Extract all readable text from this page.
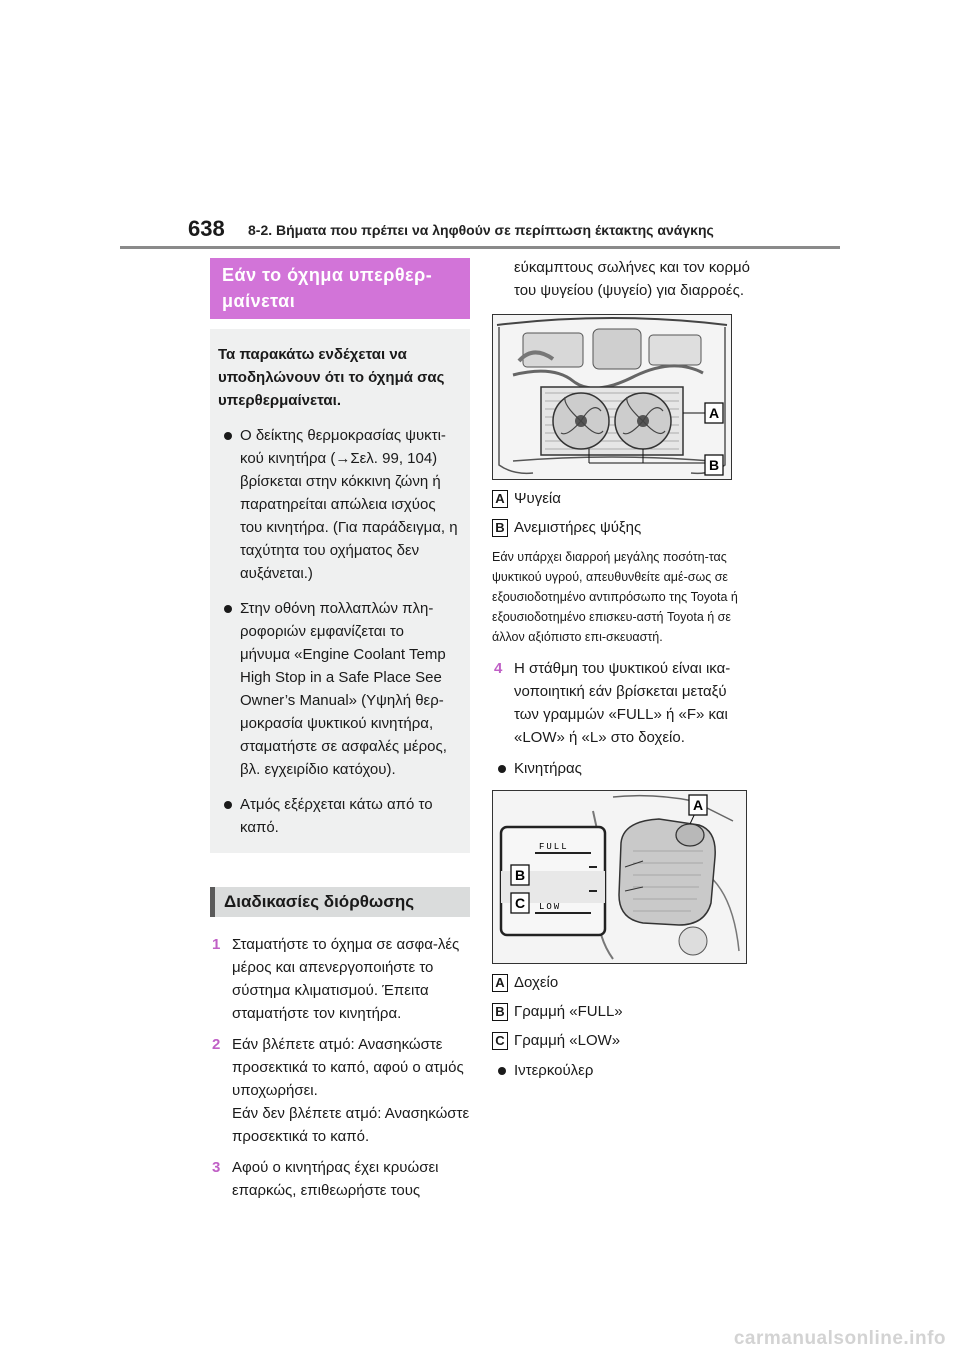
638 8-2. Βήματα που πρέπει να ληφθούν σε περίπτωση έκτακτης ανάγκης
Εάν το όχημα υπερθερ-
μαίνεται

Τα παρακάτω ενδέχεται να υποδηλώνουν ότι το όχημά σας υπερθερμαίνεται.

Ο δείκτης θερμοκρασίας ψυκτι-κού κινητήρα (→Σελ. 99, 104) βρίσκεται στην κόκκινη ζώνη ή παρατηρείται απώλεια ισχύος του κινητήρα. (Για παράδειγμα, η ταχύτητα του οχήματος δεν αυξάνεται.)
Στην οθόνη πολλαπλών πλη-ροφοριών εμφανίζεται το μήνυμα «Engine Coolant Temp High Stop in a Safe Place See Owner’s Manual» (Υψηλή θερ-μοκρασία ψυκτικού κινητήρα, σταματήστε σε ασφαλές μέρος, βλ. εγχειρίδιο κατόχου).
Ατμός εξέρχεται κάτω από το καπό.
Διαδικασίες διόρθωσης
1 Σταματήστε το όχημα σε ασφα-λές μέρος και απενεργοποιήστε το σύστημα κλιματισμού. Έπειτα σταματήστε τον κινητήρα.
2 Εάν βλέπετε ατμό: Ανασηκώστε προσεκτικά το καπό, αφού ο ατμός υποχωρήσει.
Εάν δεν βλέπετε ατμό: Ανασηκώστε προσεκτικά το καπό.
3 Αφού ο κινητήρας έχει κρυώσει επαρκώς, επιθεωρήστε τους
εύκαμπτους σωλήνες και τον κορμό του ψυγείου (ψυγείο) για διαρροές.
A
B
A Ψυγεία
B Ανεμιστήρες ψύξης
Εάν υπάρχει διαρροή μεγάλης ποσότη-τας ψυκτικού υγρού, απευθυνθείτε αμέ-σως σε εξουσιοδοτημένο αντιπρόσωπο της Toyota ή εξουσιοδοτημένο επισκευ-αστή Toyota ή σε άλλον αξιόπιστο επι-σκευαστή.
4 Η στάθμη του ψυκτικού είναι ικα-νοποιητική εάν βρίσκεται μεταξύ των γραμμών «FULL» ή «F» και «LOW» ή «L» στο δοχείο.
Κινητήρας
A
FULL
LOW
B
C
A Δοχείο
B Γραμμή «FULL»
C Γραμμή «LOW»
Ιντερκούλερ
carmanualsonline.info
